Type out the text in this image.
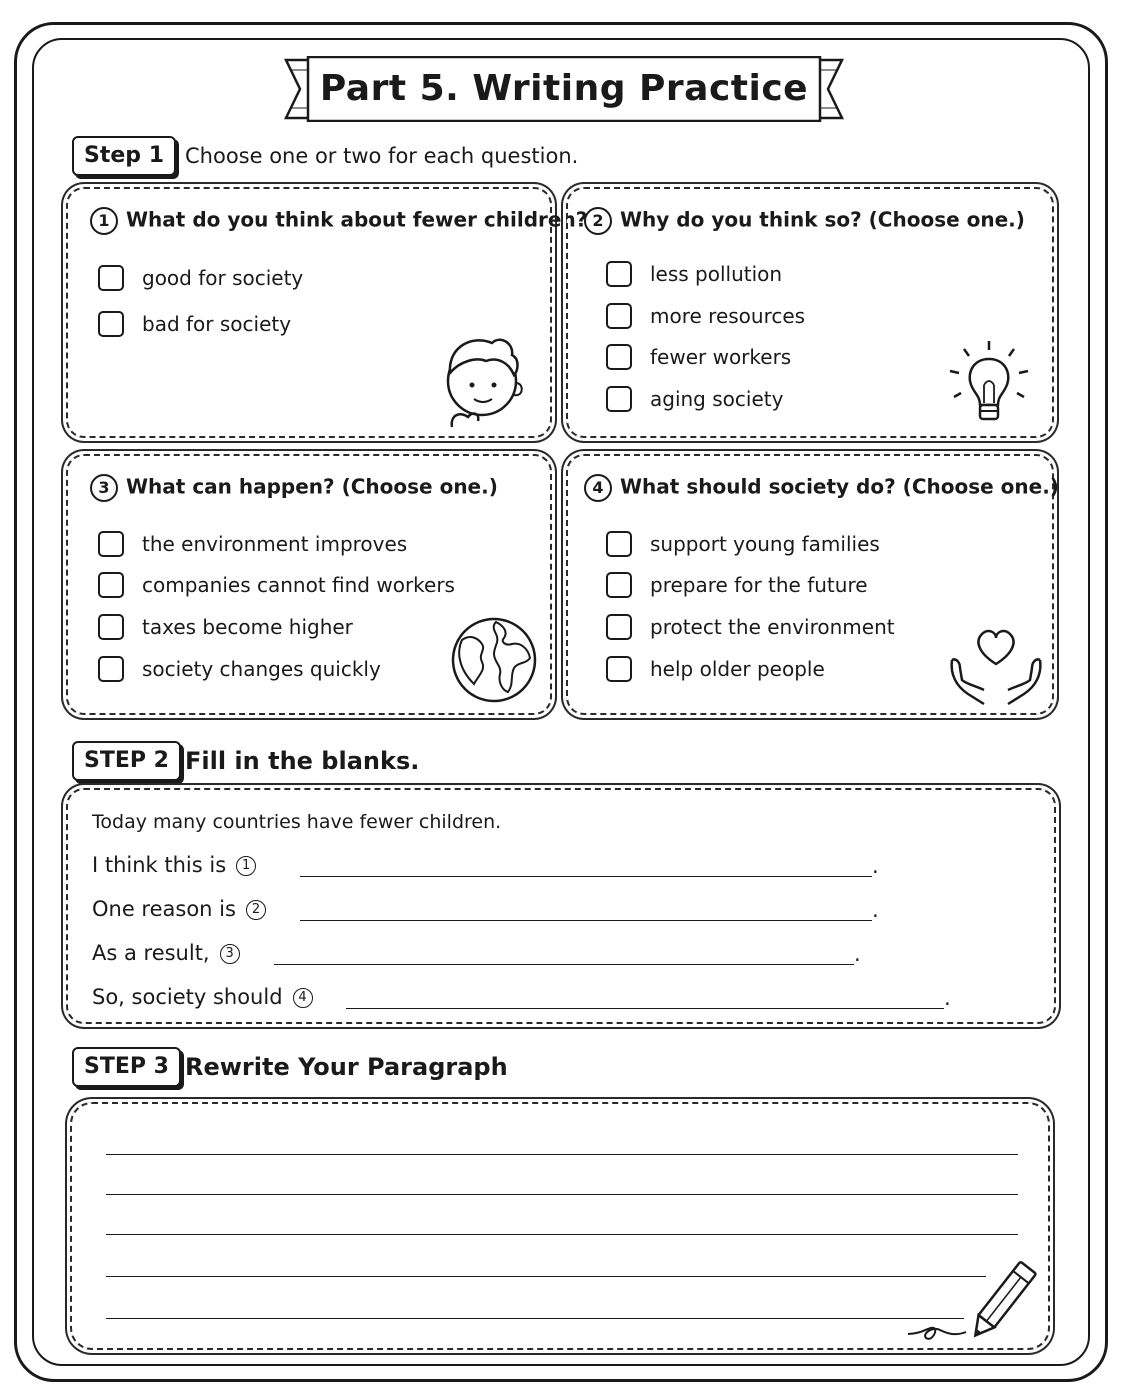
Part 5. Writing Practice
Step 1	Choose one or two for each question.
1 What do you think about fewer children?
good for society
bad for society
2 Why do you think so? (Choose one.)
less pollution
more resources
fewer workers
aging society
3 What can happen? (Choose one.)
the environment improves
companies cannot find workers
taxes become higher
society changes quickly
4 What should society do? (Choose one.)
support young families
prepare for the future
protect the environment
help older people
STEP 2 Fill in the blanks.
Today many countries have fewer children.
I think this is 1	.
One reason is 2	.
As a result, 3	.
So, society should 4	.
STEP 3 Rewrite Your Paragraph
